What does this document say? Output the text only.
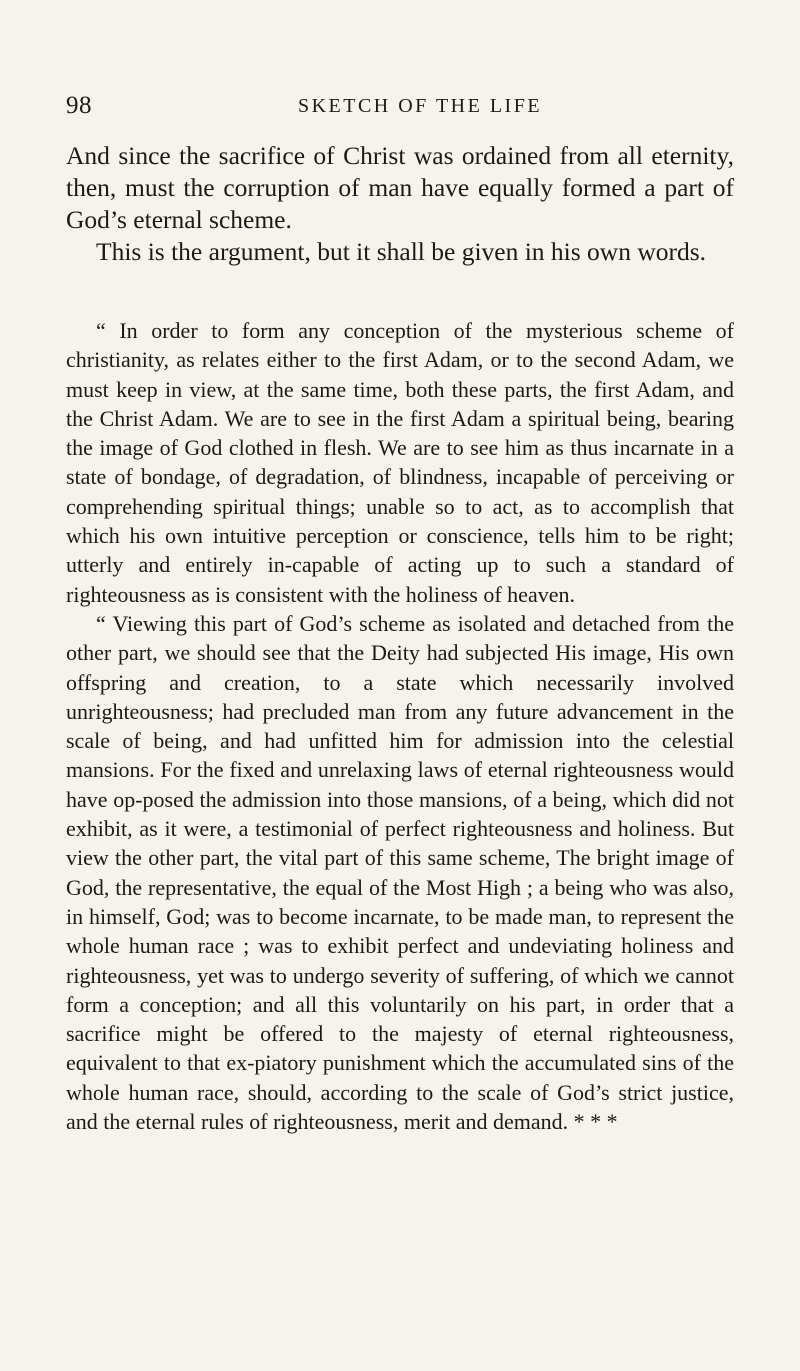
98	SKETCH OF THE LIFE

And since the sacrifice of Christ was ordained from all eternity, then, must the corruption of man have equally formed a part of God’s eternal scheme.

This is the argument, but it shall be given in his own words.

“ In order to form any conception of the mysterious scheme of christianity, as relates either to the first Adam, or to the second Adam, we must keep in view, at the same time, both these parts, the first Adam, and the Christ Adam. We are to see in the first Adam a spiritual being, bearing the image of God clothed in flesh. We are to see him as thus incarnate in a state of bondage, of degradation, of blindness, incapable of perceiving or comprehending spiritual things; unable so to act, as to accomplish that which his own intuitive perception or conscience, tells him to be right; utterly and entirely in-capable of acting up to such a standard of righteousness as is consistent with the holiness of heaven.

“ Viewing this part of God’s scheme as isolated and detached from the other part, we should see that the Deity had subjected His image, His own offspring and creation, to a state which necessarily involved unrighteousness; had precluded man from any future advancement in the scale of being, and had unfitted him for admission into the celestial mansions. For the fixed and unrelaxing laws of eternal righteousness would have op-posed the admission into those mansions, of a being, which did not exhibit, as it were, a testimonial of perfect righteousness and holiness. But view the other part, the vital part of this same scheme, The bright image of God, the representative, the equal of the Most High ; a being who was also, in himself, God; was to become incarnate, to be made man, to represent the whole human race ; was to exhibit perfect and undeviating holiness and righteousness, yet was to undergo severity of suffering, of which we cannot form a conception; and all this voluntarily on his part, in order that a sacrifice might be offered to the majesty of eternal righteousness, equivalent to that ex-piatory punishment which the accumulated sins of the whole human race, should, according to the scale of God’s strict justice, and the eternal rules of righteousness, merit and demand. * * *
